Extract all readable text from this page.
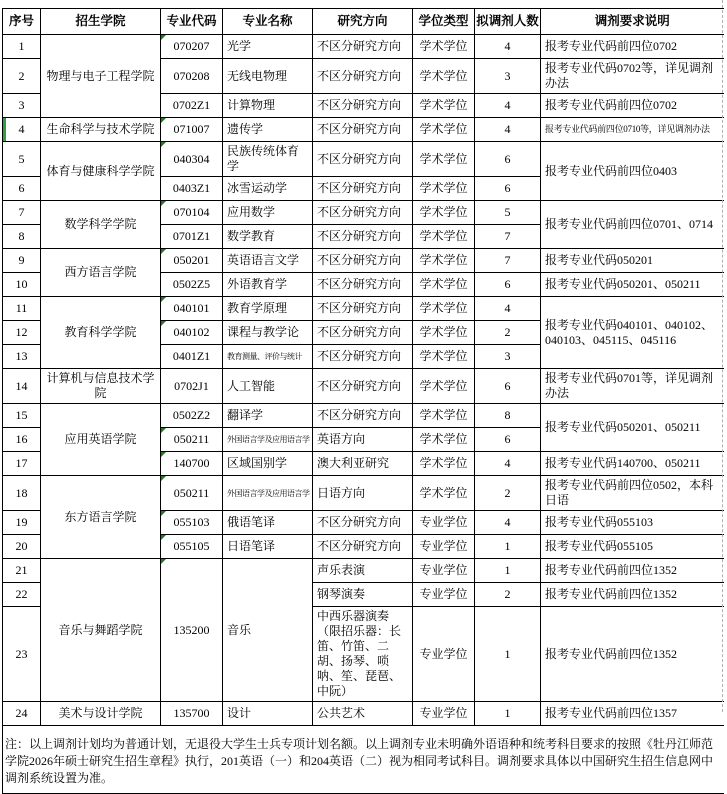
序号	招生学院	专业代码	专业名称	研究方向	学位类型	拟调剂人数	调剂要求说明
1	物理与电子工程学院	070207	光学	不区分研究方向	学术学位	4	报考专业代码前四位0702
2		070208	无线电物理	不区分研究方向	学术学位	3	报考专业代码0702等，详见调剂办法
3		0702Z1	计算物理	不区分研究方向	学术学位	4	报考专业代码前四位0702
4	生命科学与技术学院	071007	遗传学	不区分研究方向	学术学位	4	报考专业代码前四位0710等，详见调剂办法
5	体育与健康科学学院	040304	民族传统体育学	不区分研究方向	学术学位	6	报考专业代码前四位0403
6		0403Z1	冰雪运动学	不区分研究方向	学术学位	6	
7	数学科学学院	070104	应用数学	不区分研究方向	学术学位	5	报考专业代码前四位0701、0714
8		0701Z1	数学教育	不区分研究方向	学术学位	7	
9	西方语言学院	050201	英语语言文学	不区分研究方向	学术学位	7	报考专业代码050201
10		0502Z5	外语教育学	不区分研究方向	学术学位	6	报考专业代码050201、050211
11	教育科学学院	040101	教育学原理	不区分研究方向	学术学位	4	报考专业代码040101、040102、040103、045115、045116
12		040102	课程与教学论	不区分研究方向	学术学位	2	
13		0401Z1	教育测量、评价与统计	不区分研究方向	学术学位	3	
14	计算机与信息技术学院	0702J1	人工智能	不区分研究方向	学术学位	6	报考专业代码0701等，详见调剂办法
15	应用英语学院	0502Z2	翻译学	不区分研究方向	学术学位	8	报考专业代码050201、050211
16		050211	外国语言学及应用语言学	英语方向	学术学位	6	
17		140700	区域国别学	澳大利亚研究	学术学位	4	报考专业代码140700、050211
18	东方语言学院	050211	外国语言学及应用语言学	日语方向	学术学位	2	报考专业代码前四位0502，本科日语
19		055103	俄语笔译	不区分研究方向	专业学位	4	报考专业代码055103
20		055105	日语笔译	不区分研究方向	专业学位	1	报考专业代码055105
21	音乐与舞蹈学院	135200	音乐	声乐表演	专业学位	1	报考专业代码前四位1352
22				钢琴演奏	专业学位	2	报考专业代码前四位1352
23				中西乐器演奏（限招乐器：长笛、竹笛、二胡、扬琴、唢呐、笙、琵琶、中阮）	专业学位	1	报考专业代码前四位1352
24	美术与设计学院	135700	设计	公共艺术	专业学位	1	报考专业代码前四位1357
注：以上调剂计划均为普通计划，无退役大学生士兵专项计划名额。以上调剂专业未明确外语语种和统考科目要求的按照《牡丹江师范学院2026年硕士研究生招生章程》执行，201英语（一）和204英语（二）视为相同考试科目。调剂要求具体以中国研究生招生信息网中调剂系统设置为准。							
